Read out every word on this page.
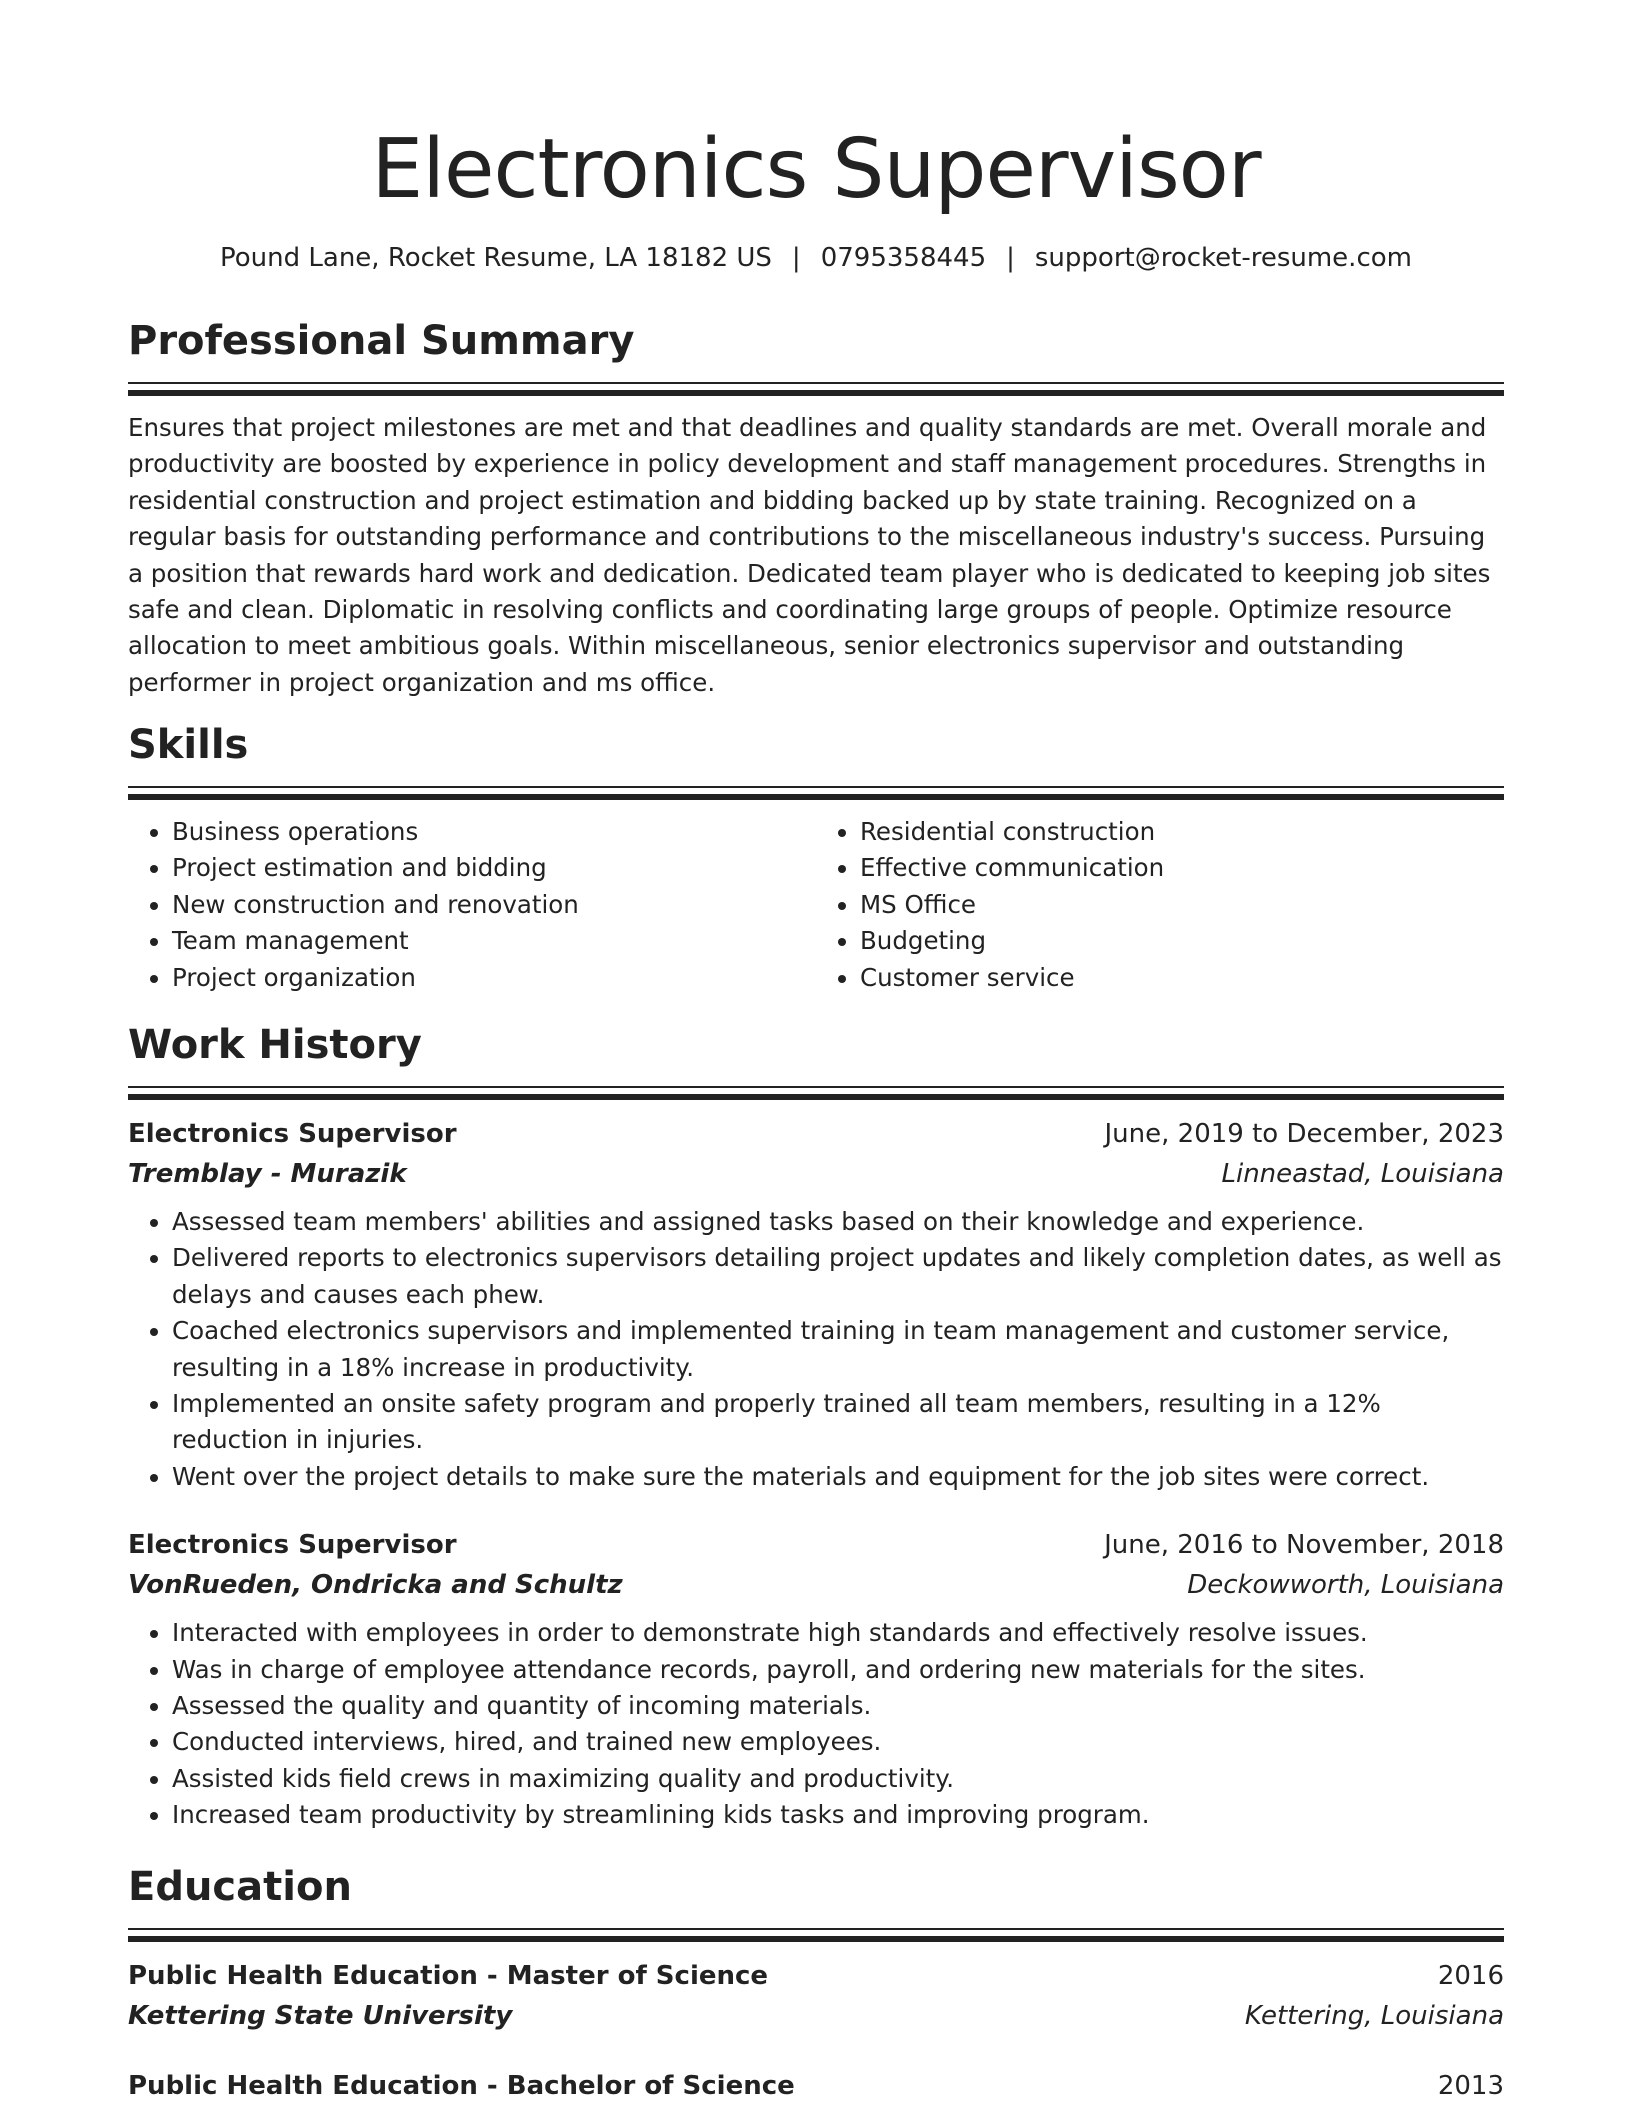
Electronics Supervisor
Pound Lane, Rocket Resume, LA 18182 US | 0795358445 | support@rocket-resume.com
Professional Summary
Ensures that project milestones are met and that deadlines and quality standards are met. Overall morale and productivity are boosted by experience in policy development and staff management procedures. Strengths in residential construction and project estimation and bidding backed up by state training. Recognized on a regular basis for outstanding performance and contributions to the miscellaneous industry's success. Pursuing a position that rewards hard work and dedication. Dedicated team player who is dedicated to keeping job sites safe and clean. Diplomatic in resolving conflicts and coordinating large groups of people. Optimize resource allocation to meet ambitious goals. Within miscellaneous, senior electronics supervisor and outstanding performer in project organization and ms office.
Skills
• Business operations
• Project estimation and bidding
• New construction and renovation
• Team management
• Project organization
• Residential construction
• Effective communication
• MS Office
• Budgeting
• Customer service
Work History
Electronics Supervisor	June, 2019 to December, 2023
Tremblay - Murazik	Linneastad, Louisiana
• Assessed team members' abilities and assigned tasks based on their knowledge and experience.
• Delivered reports to electronics supervisors detailing project updates and likely completion dates, as well as delays and causes each phew.
• Coached electronics supervisors and implemented training in team management and customer service, resulting in a 18% increase in productivity.
• Implemented an onsite safety program and properly trained all team members, resulting in a 12% reduction in injuries.
• Went over the project details to make sure the materials and equipment for the job sites were correct.
Electronics Supervisor	June, 2016 to November, 2018
VonRueden, Ondricka and Schultz	Deckowworth, Louisiana
• Interacted with employees in order to demonstrate high standards and effectively resolve issues.
• Was in charge of employee attendance records, payroll, and ordering new materials for the sites.
• Assessed the quality and quantity of incoming materials.
• Conducted interviews, hired, and trained new employees.
• Assisted kids field crews in maximizing quality and productivity.
• Increased team productivity by streamlining kids tasks and improving program.
Education
Public Health Education - Master of Science	2016
Kettering State University	Kettering, Louisiana
Public Health Education - Bachelor of Science	2013
